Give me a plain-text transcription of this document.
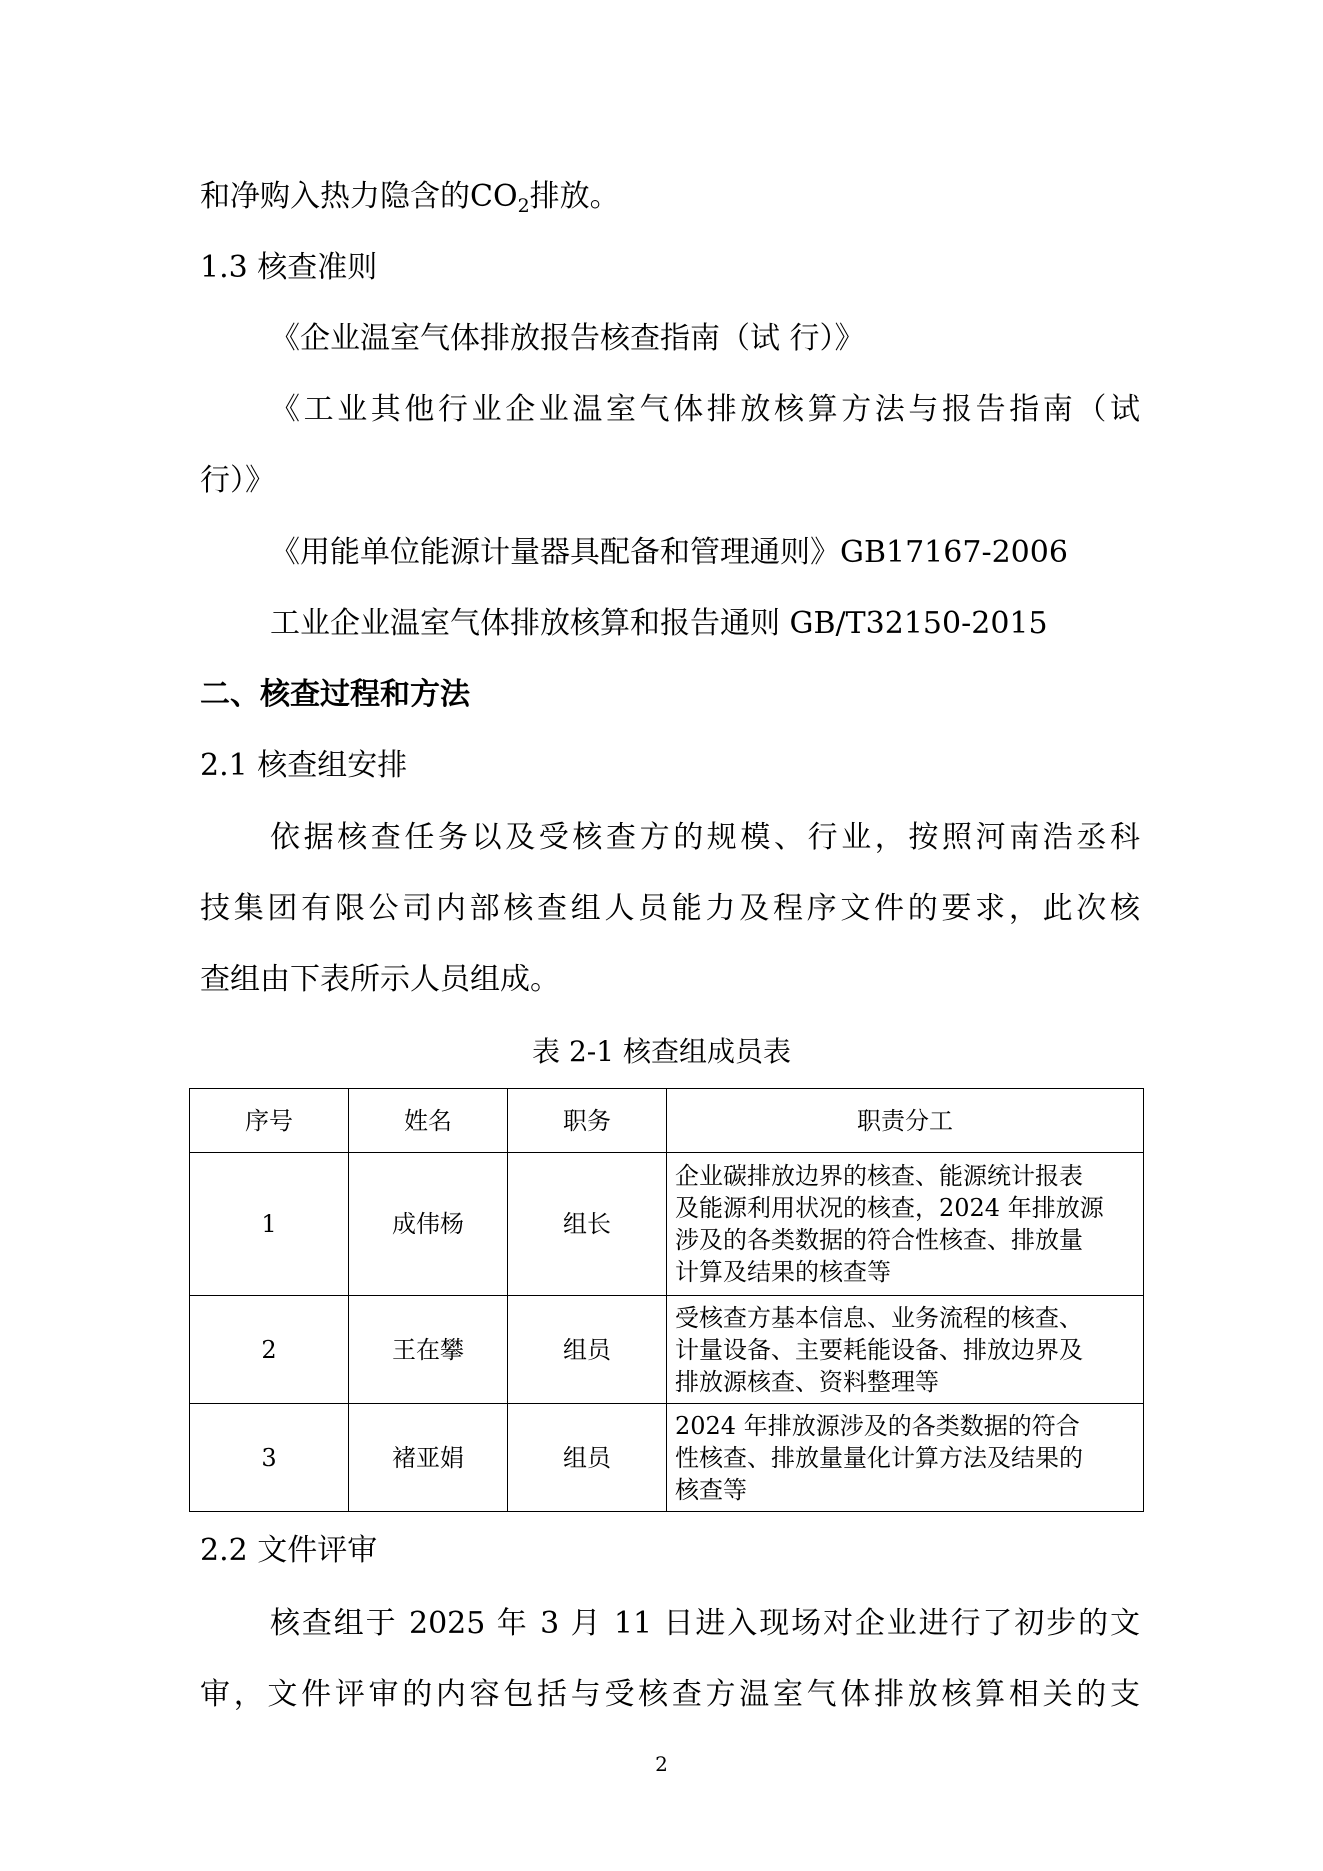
和净购入热力隐含的$CO_2$排放。
1.3 核查准则
《企业温室气体排放报告核查指南（试 行）》
《工业其他行业企业温室气体排放核算方法与报告指南（试
行）》
《用能单位能源计量器具配备和管理通则》GB17167-2006
工业企业温室气体排放核算和报告通则 GB/T32150-2015
二、核查过程和方法
2.1 核查组安排
依据核查任务以及受核查方的规模、行业，按照河南浩丞科
技集团有限公司内部核查组人员能力及程序文件的要求，此次核
查组由下表所示人员组成。
表 2-1 核查组成员表
序号	姓名	职务	职责分工
1	成伟杨	组长	企业碳排放边界的核查、能源统计报表
及能源利用状况的核查，2024 年排放源
涉及的各类数据的符合性核查、排放量
计算及结果的核查等

2	王在攀	组员	受核查方基本信息、业务流程的核查、
计量设备、主要耗能设备、排放边界及
排放源核查、资料整理等

3	褚亚娟	组员	2024 年排放源涉及的各类数据的符合
性核查、排放量量化计算方法及结果的
核查等
2.2 文件评审
核查组于 2025 年 3 月 11 日进入现场对企业进行了初步的文
审，文件评审的内容包括与受核查方温室气体排放核算相关的支
2
